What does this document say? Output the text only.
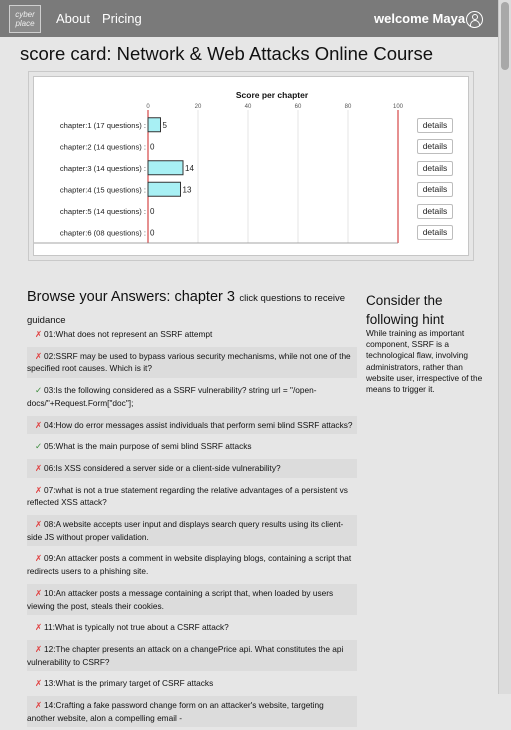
cyber place	About Pricing	welcome Maya
score card: Network & Web Attacks Online Course
Score per chapter
0	20	40	60	80	100
chapter:1 (17 questions) : 5
chapter:2 (14 questions) : 0
chapter:3 (14 questions) :	14
chapter:4 (15 questions) :	13
chapter:5 (14 questions) : 0
chapter:6 (08 questions) : 0
details
details
details
details
details
details
Browse your Answers: chapter 3 click questions to receive guidance
✗ 01:What does not represent an SSRF attempt
✗ 02:SSRF may be used to bypass various security mechanisms, while not one of the specified root causes. Which is it?
✓ 03:Is the following considered as a SSRF vulnerability? string url = "/open-docs/"+Request.Form["doc"];
✗ 04:How do error messages assist individuals that perform semi blind SSRF attacks?
✓ 05:What is the main purpose of semi blind SSRF attacks
✗ 06:Is XSS considered a server side or a client-side vulnerability?
✗ 07:what is not a true statement regarding the relative advantages of a persistent vs reflected XSS attack?
✗ 08:A website accepts user input and displays search query results using its client-side JS without proper validation.
✗ 09:An attacker posts a comment in website displaying blogs, containing a script that redirects users to a phishing site.
✗ 10:An attacker posts a message containing a script that, when loaded by users viewing the post, steals their cookies.
✗ 11:What is typically not true about a CSRF attack?
✗ 12:The chapter presents an attack on a changePrice api. What constitutes the api vulnerability to CSRF?
✗ 13:What is the primary target of CSRF attacks
✗ 14:Crafting a fake password change form on an attacker's website, targeting another website, alon a compelling email -
Consider the following hint
While training as important component, SSRF is a technological flaw, involving administrators, rather than website user, irrespective of the means to trigger it.
